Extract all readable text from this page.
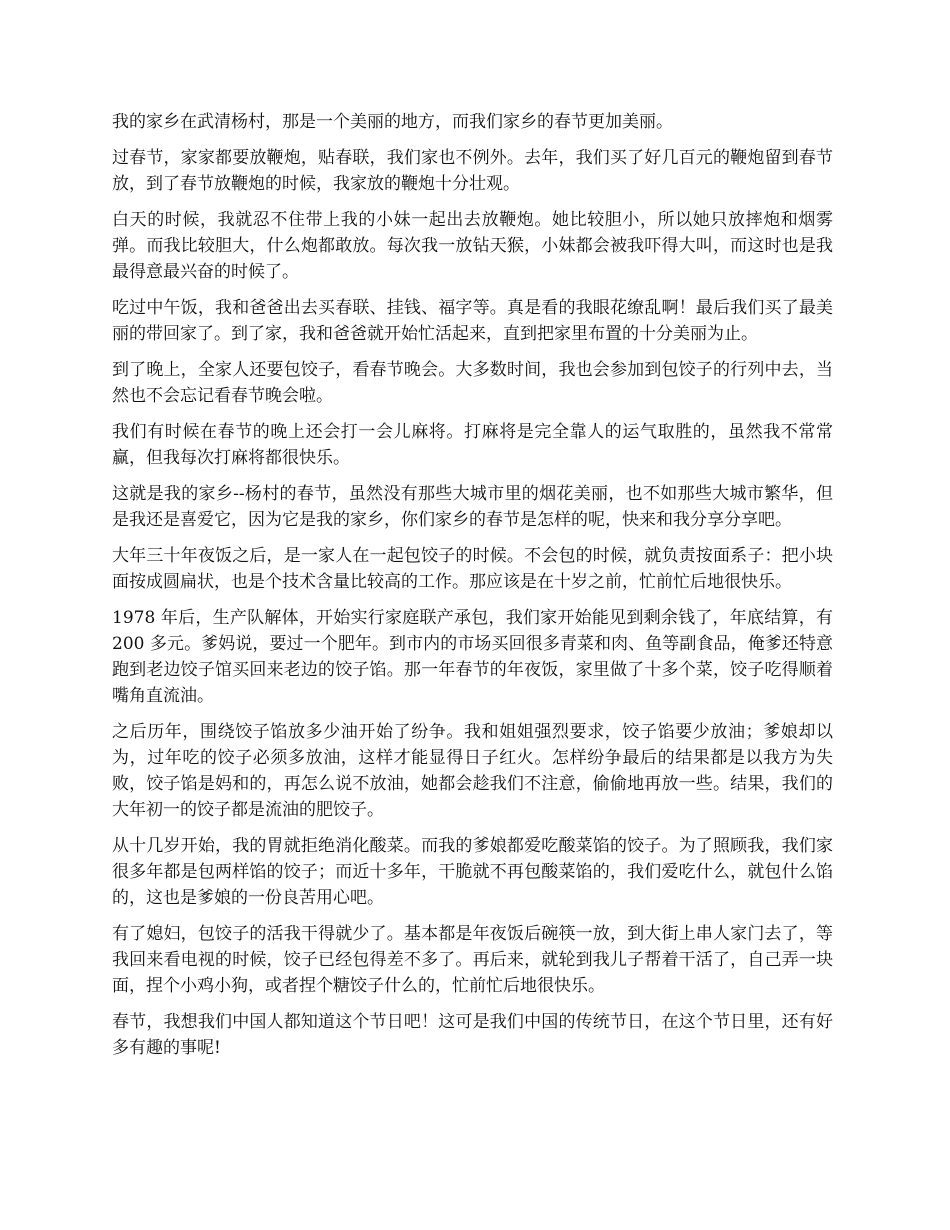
我的家乡在武清杨村，那是一个美丽的地方，而我们家乡的春节更加美丽。

过春节，家家都要放鞭炮，贴春联，我们家也不例外。去年，我们买了好几百元的鞭炮留到春节放，到了春节放鞭炮的时候，我家放的鞭炮十分壮观。

白天的时候，我就忍不住带上我的小妹一起出去放鞭炮。她比较胆小，所以她只放摔炮和烟雾弹。而我比较胆大，什么炮都敢放。每次我一放钻天猴，小妹都会被我吓得大叫，而这时也是我最得意最兴奋的时候了。

吃过中午饭，我和爸爸出去买春联、挂钱、福字等。真是看的我眼花缭乱啊！最后我们买了最美丽的带回家了。到了家，我和爸爸就开始忙活起来，直到把家里布置的十分美丽为止。

到了晚上，全家人还要包饺子，看春节晚会。大多数时间，我也会参加到包饺子的行列中去，当然也不会忘记看春节晚会啦。

我们有时候在春节的晚上还会打一会儿麻将。打麻将是完全靠人的运气取胜的，虽然我不常常赢，但我每次打麻将都很快乐。

这就是我的家乡--杨村的春节，虽然没有那些大城市里的烟花美丽，也不如那些大城市繁华，但是我还是喜爱它，因为它是我的家乡，你们家乡的春节是怎样的呢，快来和我分享分享吧。

大年三十年夜饭之后，是一家人在一起包饺子的时候。不会包的时候，就负责按面系子：把小块面按成圆扁状，也是个技术含量比较高的工作。那应该是在十岁之前，忙前忙后地很快乐。

1978 年后，生产队解体，开始实行家庭联产承包，我们家开始能见到剩余钱了，年底结算，有 200 多元。爹妈说，要过一个肥年。到市内的市场买回很多青菜和肉、鱼等副食品，俺爹还特意跑到老边饺子馆买回来老边的饺子馅。那一年春节的年夜饭，家里做了十多个菜，饺子吃得顺着嘴角直流油。

之后历年，围绕饺子馅放多少油开始了纷争。我和姐姐强烈要求，饺子馅要少放油；爹娘却以为，过年吃的饺子必须多放油，这样才能显得日子红火。怎样纷争最后的结果都是以我方为失败，饺子馅是妈和的，再怎么说不放油，她都会趁我们不注意，偷偷地再放一些。结果，我们的大年初一的饺子都是流油的肥饺子。

从十几岁开始，我的胃就拒绝消化酸菜。而我的爹娘都爱吃酸菜馅的饺子。为了照顾我，我们家很多年都是包两样馅的饺子；而近十多年，干脆就不再包酸菜馅的，我们爱吃什么，就包什么馅的，这也是爹娘的一份良苦用心吧。

有了媳妇，包饺子的活我干得就少了。基本都是年夜饭后碗筷一放，到大街上串人家门去了，等我回来看电视的时候，饺子已经包得差不多了。再后来，就轮到我儿子帮着干活了，自己弄一块面，捏个小鸡小狗，或者捏个糖饺子什么的，忙前忙后地很快乐。

春节，我想我们中国人都知道这个节日吧！这可是我们中国的传统节日，在这个节日里，还有好多有趣的事呢!
